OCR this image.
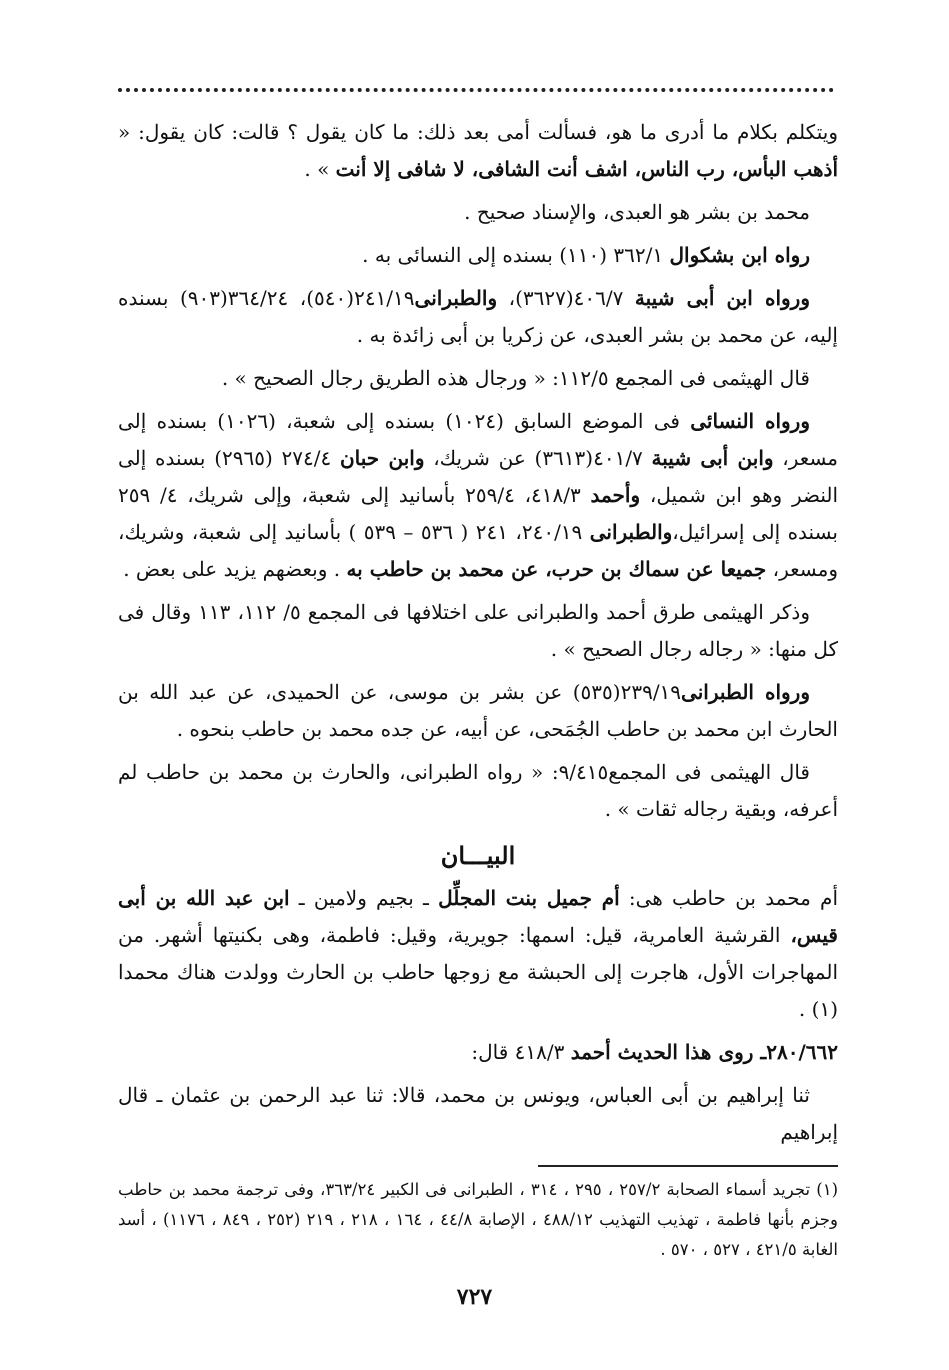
ويتكلم بكلام ما أدرى ما هو، فسألت أمى بعد ذلك: ما كان يقول ؟ قالت: كان يقول: « أذهب البأس، رب الناس، اشف أنت الشافى، لا شافى إلا أنت » .
محمد بن بشر هو العبدى، والإسناد صحيح .
رواه ابن بشكوال ٣٦٢/١ (١١٠) بسنده إلى النسائى به .
ورواه ابن أبى شيبة ٤٠٦/٧(٣٦٢٧)، والطبرانى٢٤١/١٩(٥٤٠)، ٣٦٤/٢٤(٩٠٣) بسنده إليه، عن محمد بن بشر العبدى، عن زكريا بن أبى زائدة به .
قال الهيثمى فى المجمع ١١٢/٥: « ورجال هذه الطريق رجال الصحيح » .
ورواه النسائى فى الموضع السابق (١٠٢٤) بسنده إلى شعبة، (١٠٢٦) بسنده إلى مسعر، وابن أبى شيبة ٤٠١/٧(٣٦١٣) عن شريك، وابن حبان ٢٧٤/٤ (٢٩٦٥) بسنده إلى النضر وهو ابن شميل، وأحمد ٤١٨/٣، ٢٥٩/٤ بأسانيد إلى شعبة، وإلى شريك، ٤/ ٢٥٩ بسنده إلى إسرائيل،والطبرانى ٢٤٠/١٩، ٢٤١ ( ٥٣٦ – ٥٣٩ ) بأسانيد إلى شعبة، وشريك، ومسعر، جميعا عن سماك بن حرب، عن محمد بن حاطب به . وبعضهم يزيد على بعض .
وذكر الهيثمى طرق أحمد والطبرانى على اختلافها فى المجمع ٥/ ١١٢، ١١٣ وقال فى كل منها: « رجاله رجال الصحيح » .
ورواه الطبرانى٢٣٩/١٩(٥٣٥) عن بشر بن موسى، عن الحميدى، عن عبد الله بن الحارث ابن محمد بن حاطب الجُمَحى، عن أبيه، عن جده محمد بن حاطب بنحوه .
قال الهيثمى فى المجمع٩/٤١٥: « رواه الطبرانى، والحارث بن محمد بن حاطب لم أعرفه، وبقية رجاله ثقات » .
البيـــان
أم محمد بن حاطب هى: أم جميل بنت المجلِّل ـ بجيم ولامين ـ ابن عبد الله بن أبى قيس، القرشية العامرية، قيل: اسمها: جويرية، وقيل: فاطمة، وهى بكنيتها أشهر. من المهاجرات الأول، هاجرت إلى الحبشة مع زوجها حاطب بن الحارث وولدت هناك محمدا (١) .
٢٨٠/٦٦٢ـ روى هذا الحديث أحمد ٤١٨/٣ قال:
ثنا إبراهيم بن أبى العباس، ويونس بن محمد، قالا: ثنا عبد الرحمن بن عثمان ـ قال إبراهيم
(١) تجريد أسماء الصحابة ٢٥٧/٢ ، ٢٩٥ ، ٣١٤ ، الطبرانى فى الكبير ٣٦٣/٢٤، وفى ترجمة محمد بن حاطب وجزم بأنها فاطمة ، تهذيب التهذيب ٤٨٨/١٢ ، الإصابة ٤٤/٨ ، ١٦٤ ، ٢١٨ ، ٢١٩ (٢٥٢ ، ٨٤٩ ، ١١٧٦) ، أسد الغابة ٤٢١/٥ ، ٥٢٧ ، ٥٧٠ .
٧٢٧
